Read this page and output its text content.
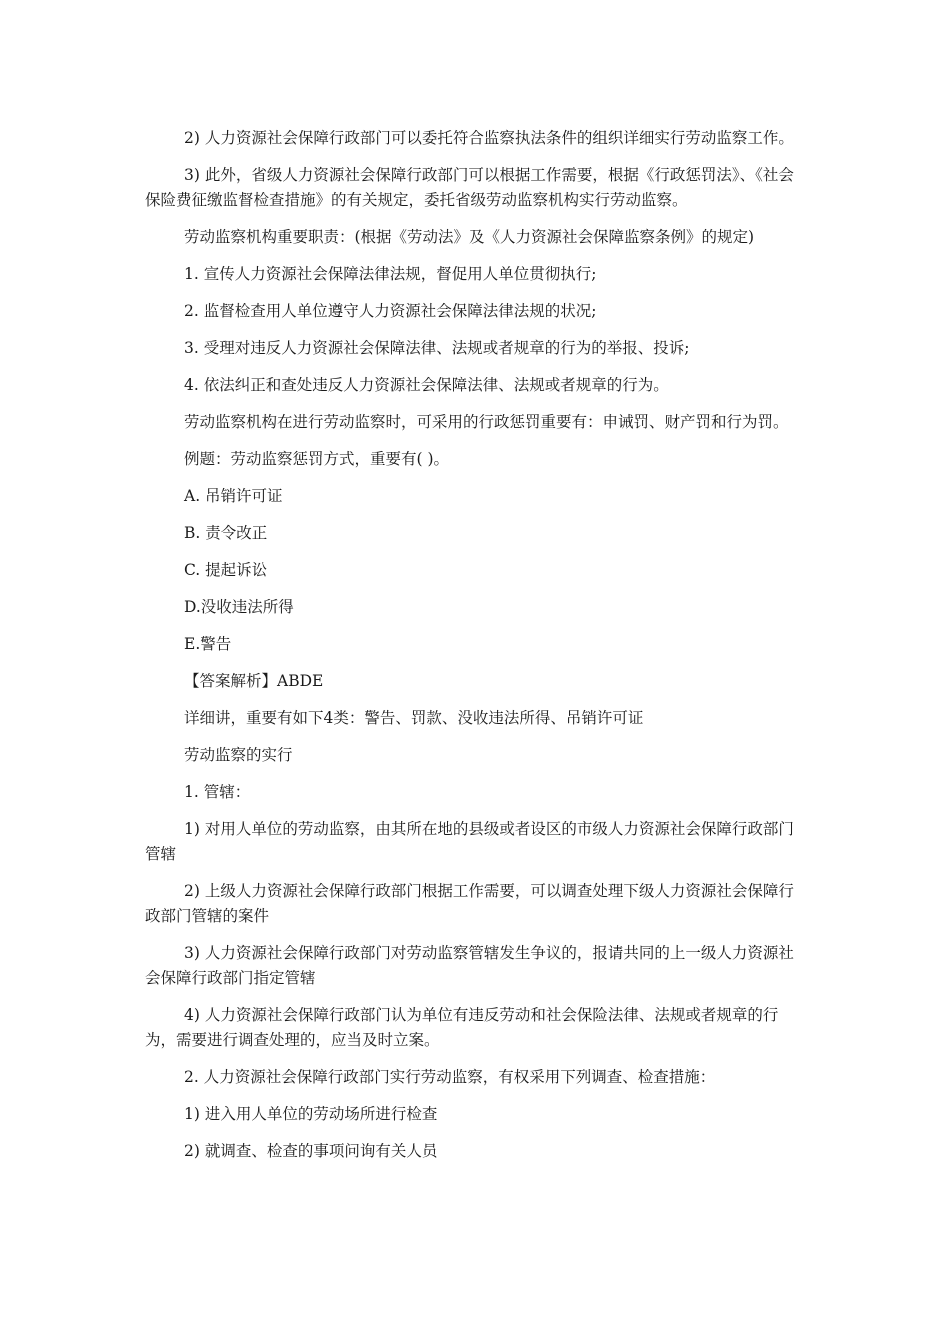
2) 人力资源社会保障行政部门可以委托符合监察执法条件的组织详细实行劳动监察工作。

3) 此外，省级人力资源社会保障行政部门可以根据工作需要，根据《行政惩罚法》、《社会保险费征缴监督检查措施》的有关规定，委托省级劳动监察机构实行劳动监察。

劳动监察机构重要职责：(根据《劳动法》及《人力资源社会保障监察条例》的规定)

1. 宣传人力资源社会保障法律法规，督促用人单位贯彻执行;

2. 监督检查用人单位遵守人力资源社会保障法律法规的状况;

3. 受理对违反人力资源社会保障法律、法规或者规章的行为的举报、投诉;

4. 依法纠正和查处违反人力资源社会保障法律、法规或者规章的行为。

劳动监察机构在进行劳动监察时，可采用的行政惩罚重要有：申诫罚、财产罚和行为罚。

例题：劳动监察惩罚方式，重要有( )。

A. 吊销许可证

B. 责令改正

C. 提起诉讼

D.没收违法所得

E.警告

【答案解析】ABDE

详细讲，重要有如下4类：警告、罚款、没收违法所得、吊销许可证

劳动监察的实行

1. 管辖：

1) 对用人单位的劳动监察，由其所在地的县级或者设区的市级人力资源社会保障行政部门管辖

2) 上级人力资源社会保障行政部门根据工作需要，可以调查处理下级人力资源社会保障行政部门管辖的案件

3) 人力资源社会保障行政部门对劳动监察管辖发生争议的，报请共同的上一级人力资源社会保障行政部门指定管辖

4) 人力资源社会保障行政部门认为单位有违反劳动和社会保险法律、法规或者规章的行为，需要进行调查处理的，应当及时立案。

2. 人力资源社会保障行政部门实行劳动监察，有权采用下列调查、检查措施：

1) 进入用人单位的劳动场所进行检查

2) 就调查、检查的事项问询有关人员
